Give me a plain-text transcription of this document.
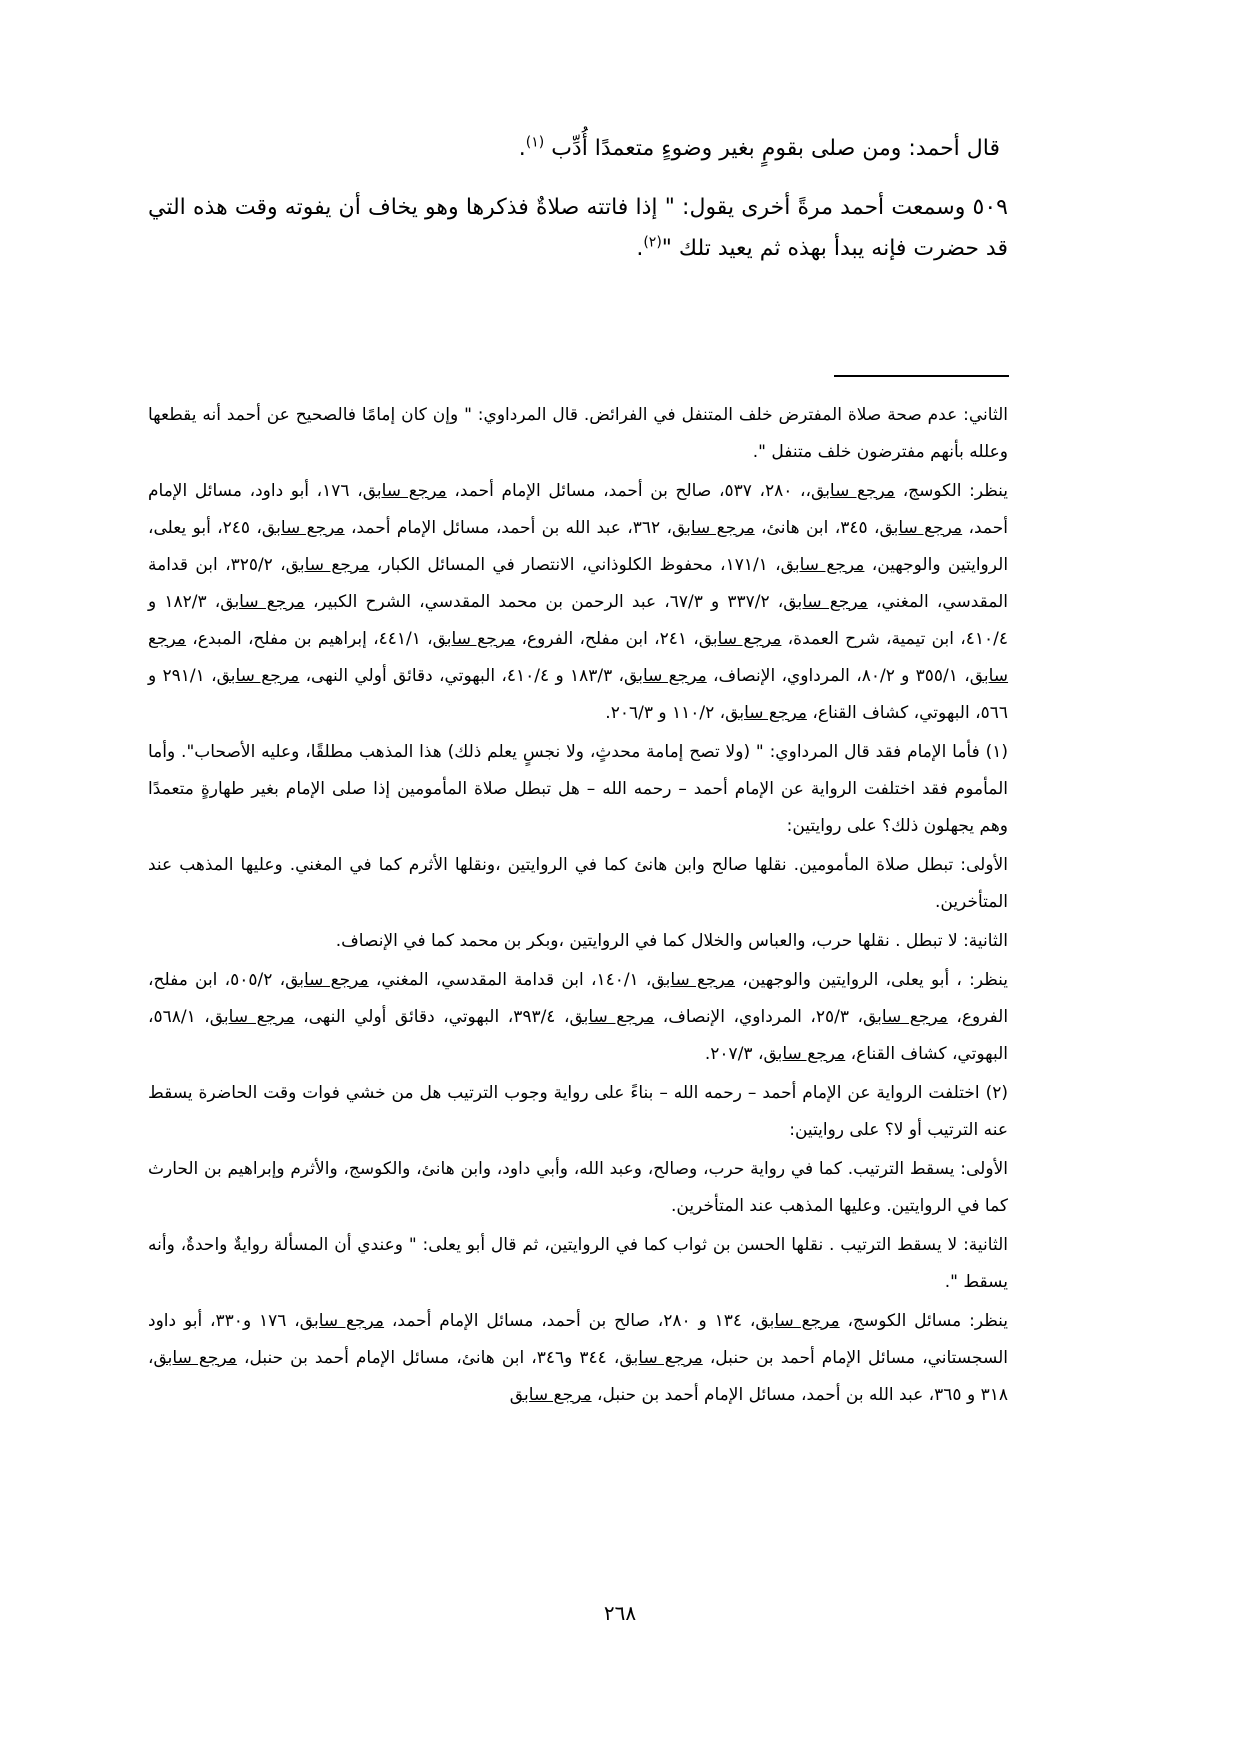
قال أحمد: ومن صلى بقومٍ بغير وضوءٍ متعمدًا أُدِّب $^{(١)}$.

٥٠٩ وسمعت أحمد مرةً أخرى يقول: " إذا فاتته صلاةٌ فذكرها وهو يخاف أن يفوته وقت هذه التي قد حضرت فإنه يبدأ بهذه ثم يعيد تلك "$^{(٢)}$.

الثاني: عدم صحة صلاة المفترض خلف المتنفل في الفرائض. قال المرداوي: " وإن كان إمامًا فالصحيح عن أحمد أنه يقطعها وعلله بأنهم مفترضون خلف متنفل ".

ينظر: الكوسج، مرجع سابق،، ٢٨٠، ٥٣٧، صالح بن أحمد، مسائل الإمام أحمد، مرجع سابق، ١٧٦، أبو داود، مسائل الإمام أحمد، مرجع سابق، ٣٤٥، ابن هانئ، مرجع سابق، ٣٦٢، عبد الله بن أحمد، مسائل الإمام أحمد، مرجع سابق، ٢٤٥، أبو يعلى، الروايتين والوجهين، مرجع سابق، ١٧١/١، محفوظ الكلوذاني، الانتصار في المسائل الكبار، مرجع سابق، ٣٢٥/٢، ابن قدامة المقدسي، المغني، مرجع سابق، ٣٣٧/٢ و ٦٧/٣، عبد الرحمن بن محمد المقدسي، الشرح الكبير، مرجع سابق، ١٨٢/٣ و ٤١٠/٤، ابن تيمية، شرح العمدة، مرجع سابق، ٢٤١، ابن مفلح، الفروع، مرجع سابق، ٤٤١/١، إبراهيم بن مفلح، المبدع، مرجع سابق، ٣٥٥/١ و ٨٠/٢، المرداوي، الإنصاف، مرجع سابق، ١٨٣/٣ و ٤١٠/٤، البهوتي، دقائق أولي النهى، مرجع سابق، ٢٩١/١ و ٥٦٦، البهوتي، كشاف القناع، مرجع سابق، ١١٠/٢ و ٢٠٦/٣.

(١) فأما الإمام فقد قال المرداوي: " (ولا تصح إمامة محدثٍ، ولا نجسٍ يعلم ذلك) هذا المذهب مطلقًا، وعليه الأصحاب". وأما المأموم فقد اختلفت الرواية عن الإمام أحمد – رحمه الله – هل تبطل صلاة المأمومين إذا صلى الإمام بغير طهارةٍ متعمدًا وهم يجهلون ذلك؟ على روايتين:

الأولى: تبطل صلاة المأمومين. نقلها صالح وابن هانئ كما في الروايتين ،ونقلها الأثرم كما في المغني. وعليها المذهب عند المتأخرين.

الثانية: لا تبطل . نقلها حرب، والعباس والخلال كما في الروايتين ،وبكر بن محمد كما في الإنصاف.

ينظر: ، أبو يعلى، الروايتين والوجهين، مرجع سابق، ١٤٠/١، ابن قدامة المقدسي، المغني، مرجع سابق، ٥٠٥/٢، ابن مفلح، الفروع، مرجع سابق، ٢٥/٣، المرداوي، الإنصاف، مرجع سابق، ٣٩٣/٤، البهوتي، دقائق أولي النهى، مرجع سابق، ٥٦٨/١، البهوتي، كشاف القناع، مرجع سابق، ٢٠٧/٣.

(٢) اختلفت الرواية عن الإمام أحمد – رحمه الله – بناءً على رواية وجوب الترتيب هل من خشي فوات وقت الحاضرة يسقط عنه الترتيب أو لا؟ على روايتين:

الأولى: يسقط الترتيب. كما في رواية حرب، وصالح، وعبد الله، وأبي داود، وابن هانئ، والكوسج، والأثرم وإبراهيم بن الحارث كما في الروايتين. وعليها المذهب عند المتأخرين.

الثانية: لا يسقط الترتيب . نقلها الحسن بن ثواب كما في الروايتين، ثم قال أبو يعلى: " وعندي أن المسألة روايةٌ واحدةٌ، وأنه يسقط ".

ينظر: مسائل الكوسج، مرجع سابق، ١٣٤ و ٢٨٠، صالح بن أحمد، مسائل الإمام أحمد، مرجع سابق، ١٧٦ و٣٣٠، أبو داود السجستاني، مسائل الإمام أحمد بن حنبل، مرجع سابق، ٣٤٤ و٣٤٦، ابن هانئ، مسائل الإمام أحمد بن حنبل، مرجع سابق، ٣١٨ و ٣٦٥، عبد الله بن أحمد، مسائل الإمام أحمد بن حنبل، مرجع سابق

٢٦٨
